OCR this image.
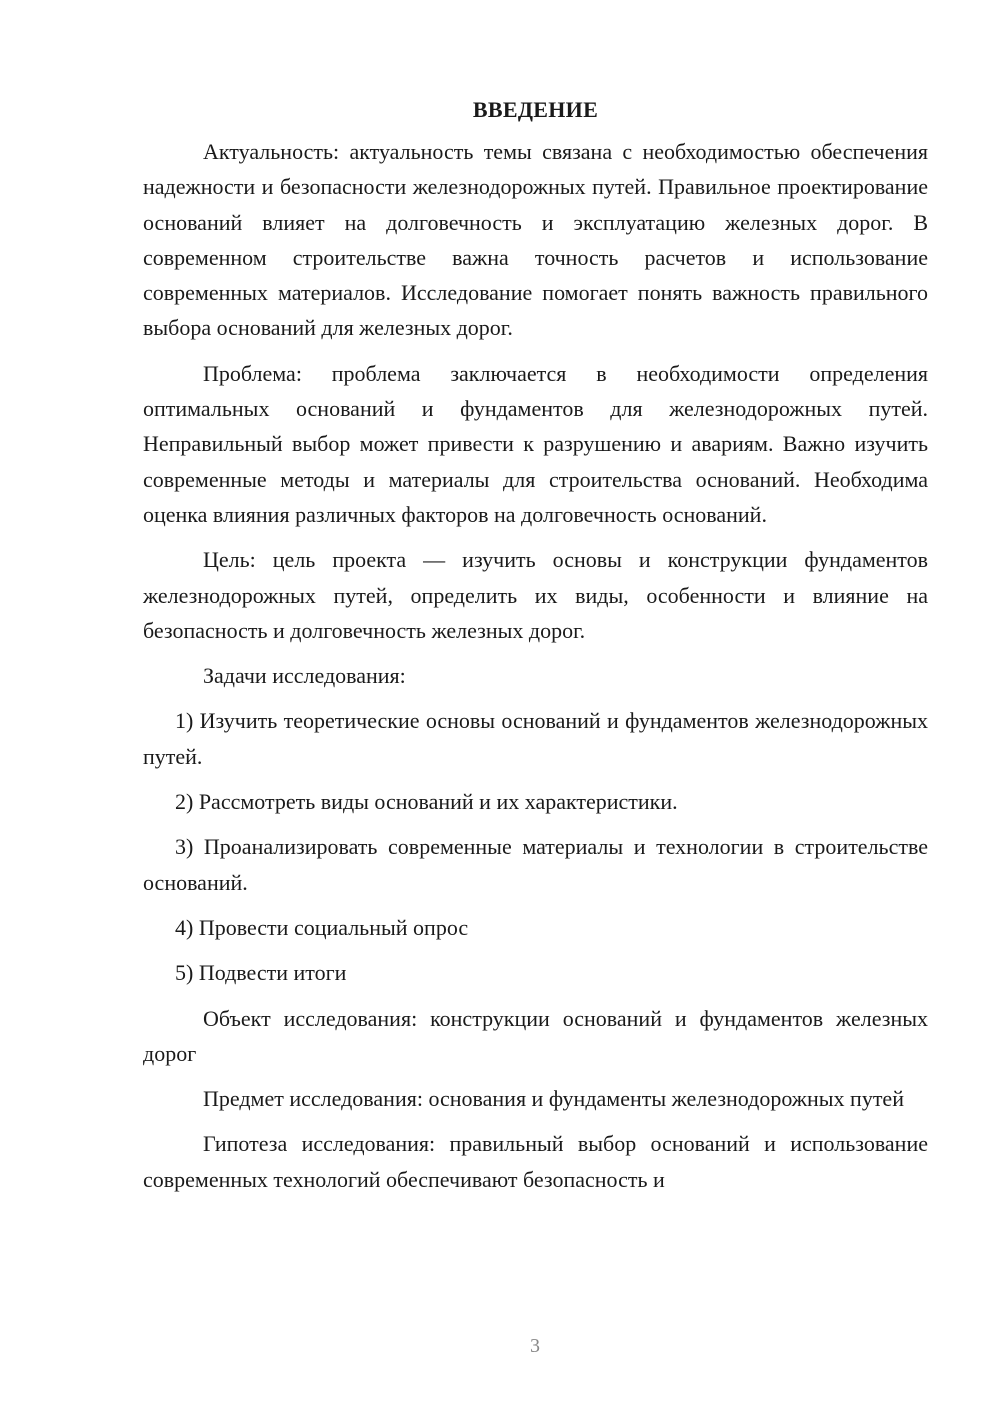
ВВЕДЕНИЕ

Актуальность: актуальность темы связана с необходимостью обеспечения надежности и безопасности железнодорожных путей. Правильное проектирование оснований влияет на долговечность и эксплуатацию железных дорог. В современном строительстве важна точность расчетов и использование современных материалов. Исследование помогает понять важность правильного выбора оснований для железных дорог.

Проблема: проблема заключается в необходимости определения оптимальных оснований и фундаментов для железнодорожных путей. Неправильный выбор может привести к разрушению и авариям. Важно изучить современные методы и материалы для строительства оснований. Необходима оценка влияния различных факторов на долговечность оснований.

Цель: цель проекта — изучить основы и конструкции фундаментов железнодорожных путей, определить их виды, особенности и влияние на безопасность и долговечность железных дорог.

Задачи исследования:

1) Изучить теоретические основы оснований и фундаментов железнодорожных путей.

2) Рассмотреть виды оснований и их характеристики.

3) Проанализировать современные материалы и технологии в строительстве оснований.

4) Провести социальный опрос

5) Подвести итоги

Объект исследования: конструкции оснований и фундаментов железных дорог

Предмет исследования: основания и фундаменты железнодорожных путей

Гипотеза исследования: правильный выбор оснований и использование современных технологий обеспечивают безопасность и

3
